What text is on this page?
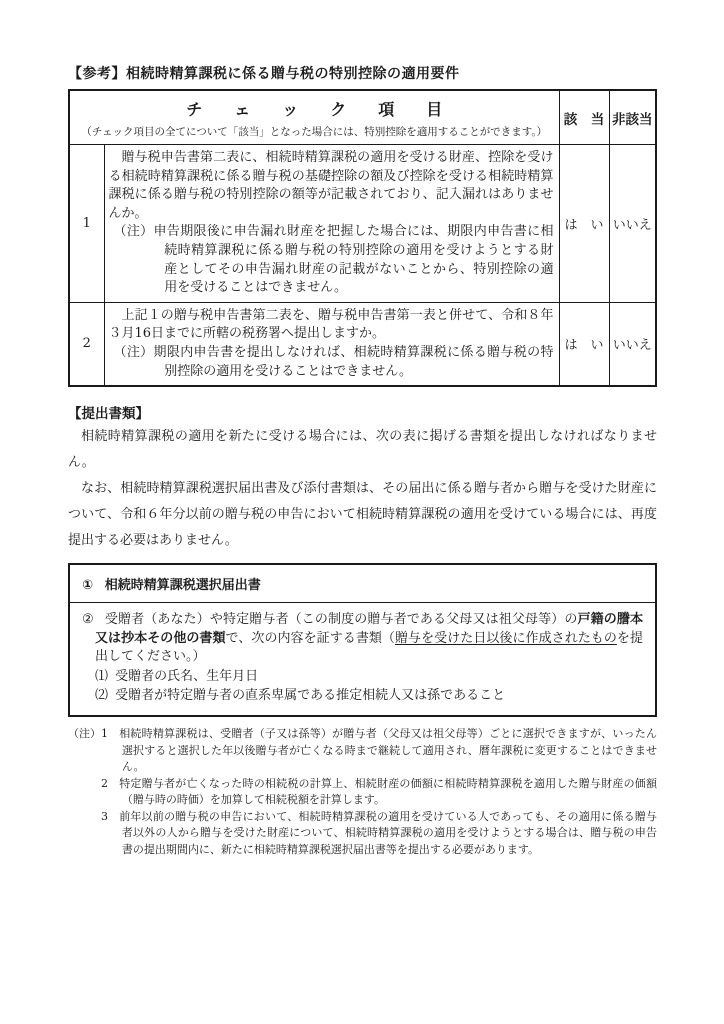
【参考】相続時精算課税に係る贈与税の特別控除の適用要件
チ　　ェ　　ッ　　ク　　項　　目
（チェック項目の全てについて「該当」となった場合には、特別控除を適用することができます。）		該　当	非該当
1	贈与税申告書第二表に、相続時精算課税の適用を受ける財産、控除を受ける相続時精算課税に係る贈与税の基礎控除の額及び控除を受ける相続時精算課税に係る贈与税の特別控除の額等が記載されており、記入漏れはありませんか。
（注）申告期限後に申告漏れ財産を把握した場合には、期限内申告書に相続時精算課税に係る贈与税の特別控除の適用を受けようとする財産としてその申告漏れ財産の記載がないことから、特別控除の適用を受けることはできません。	は　い	いいえ
2	上記１の贈与税申告書第二表を、贈与税申告書第一表と併せて、令和８年３月16日までに所轄の税務署へ提出しますか。
（注）期限内申告書を提出しなければ、相続時精算課税に係る贈与税の特別控除の適用を受けることはできません。	は　い	いいえ
【提出書類】
相続時精算課税の適用を新たに受ける場合には、次の表に掲げる書類を提出しなければなりません。
なお、相続時精算課税選択届出書及び添付書類は、その届出に係る贈与者から贈与を受けた財産について、令和６年分以前の贈与税の申告において相続時精算課税の適用を受けている場合には、再度提出する必要はありません。
① 相続時精算課税選択届出書
② 受贈者（あなた）や特定贈与者（この制度の贈与者である父母又は祖父母等）の戸籍の謄本又は抄本その他の書類で、次の内容を証する書類（贈与を受けた日以後に作成されたものを提出してください。）
⑴ 受贈者の氏名、生年月日
⑵ 受贈者が特定贈与者の直系卑属である推定相続人又は孫であること
（注） 1 相続時精算課税は、受贈者（子又は孫等）が贈与者（父母又は祖父母等）ごとに選択できますが、いったん選択すると選択した年以後贈与者が亡くなる時まで継続して適用され、暦年課税に変更することはできません。
2 特定贈与者が亡くなった時の相続税の計算上、相続財産の価額に相続時精算課税を適用した贈与財産の価額（贈与時の時価）を加算して相続税額を計算します。
3 前年以前の贈与税の申告において、相続時精算課税の適用を受けている人であっても、その適用に係る贈与者以外の人から贈与を受けた財産について、相続時精算課税の適用を受けようとする場合は、贈与税の申告書の提出期間内に、新たに相続時精算課税選択届出書等を提出する必要があります。
